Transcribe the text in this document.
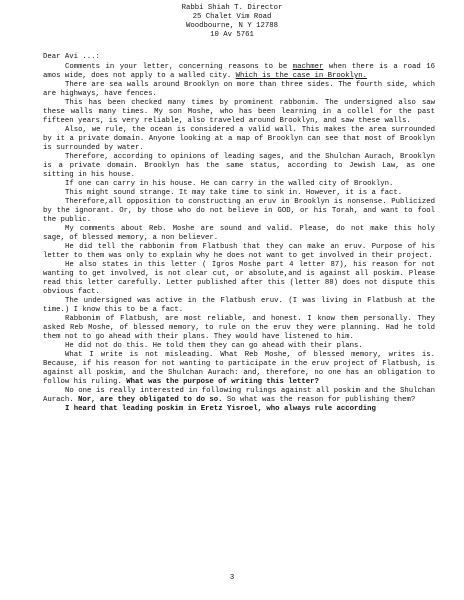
Rabbi Shiah T. Director
25 Chalet Vim Road
Woodbourne, N Y 12788
10 Av 5761
Dear Avi ...:

Comments in your letter, concerning reasons to be machmer when there is a road 16 amos wide, does not apply to a walled city. Which is the case in Brooklyn.

There are sea walls around Brooklyn on more than three sides. The fourth side, which are highways, have fences.

This has been checked many times by prominent rabbonim. The undersigned also saw these walls many times. My son Moshe, who has been learning in a collel for the past fifteen years, is very reliable, also traveled around Brooklyn, and saw these walls.

Also, we rule, the ocean is considered a valid wall. This makes the area surrounded by it a private domain. Anyone looking at a map of Brooklyn can see that most of Brooklyn is surrounded by water.

Therefore, according to opinions of leading sages, and the Shulchan Aurach, Brooklyn is a private domain. Brooklyn has the same status, according to Jewish Law, as one sitting in his house.

If one can carry in his house. He can carry in the walled city of Brooklyn.

This might sound strange. It may take time to sink in. However, it is a fact.

Therefore,all opposition to constructing an eruv in Brooklyn is nonsense. Publicized by the ignorant. Or, by those who do not believe in GOD, or his Torah, and want to fool the public.

My comments about Reb. Moshe are sound and valid. Please, do not make this holy sage, of blessed memory, a non believer.

He did tell the rabbonim from Flatbush that they can make an eruv. Purpose of his letter to them was only to explain why he does not want to get involved in their project.

He also states in this letter ( Igros Moshe part 4 letter 87), his reason for not wanting to get involved, is not clear cut, or absolute,and is against all poskim. Please read this letter carefully. Letter published after this (letter 88) does not dispute this obvious fact.

The undersigned was active in the Flatbush eruv. (I was living in Flatbush at the time.) I know this to be a fact.

Rabbonim of Flatbush, are most reliable, and honest. I know them personally. They asked Reb Moshe, of blessed memory, to rule on the eruv they were planning. Had he told them not to go ahead with their plans. They would have listened to him.

He did not do this. He told them they can go ahead with their plans.

What I write is not misleading. What Reb Moshe, of blessed memory, writes is. Because, if his reason for not wanting to participate in the eruv project of Flatbush, is against all poskim, and the Shulchan Aurach: and, therefore, no one has an obligation to follow his ruling. What was the purpose of writing this letter?

No one is really interested in following rulings against all poskim and the Shulchan Aurach. Nor, are they obligated to do so. So what was the reason for publishing them?

I heard that leading poskim in Eretz Yisroel, who always rule according

3
